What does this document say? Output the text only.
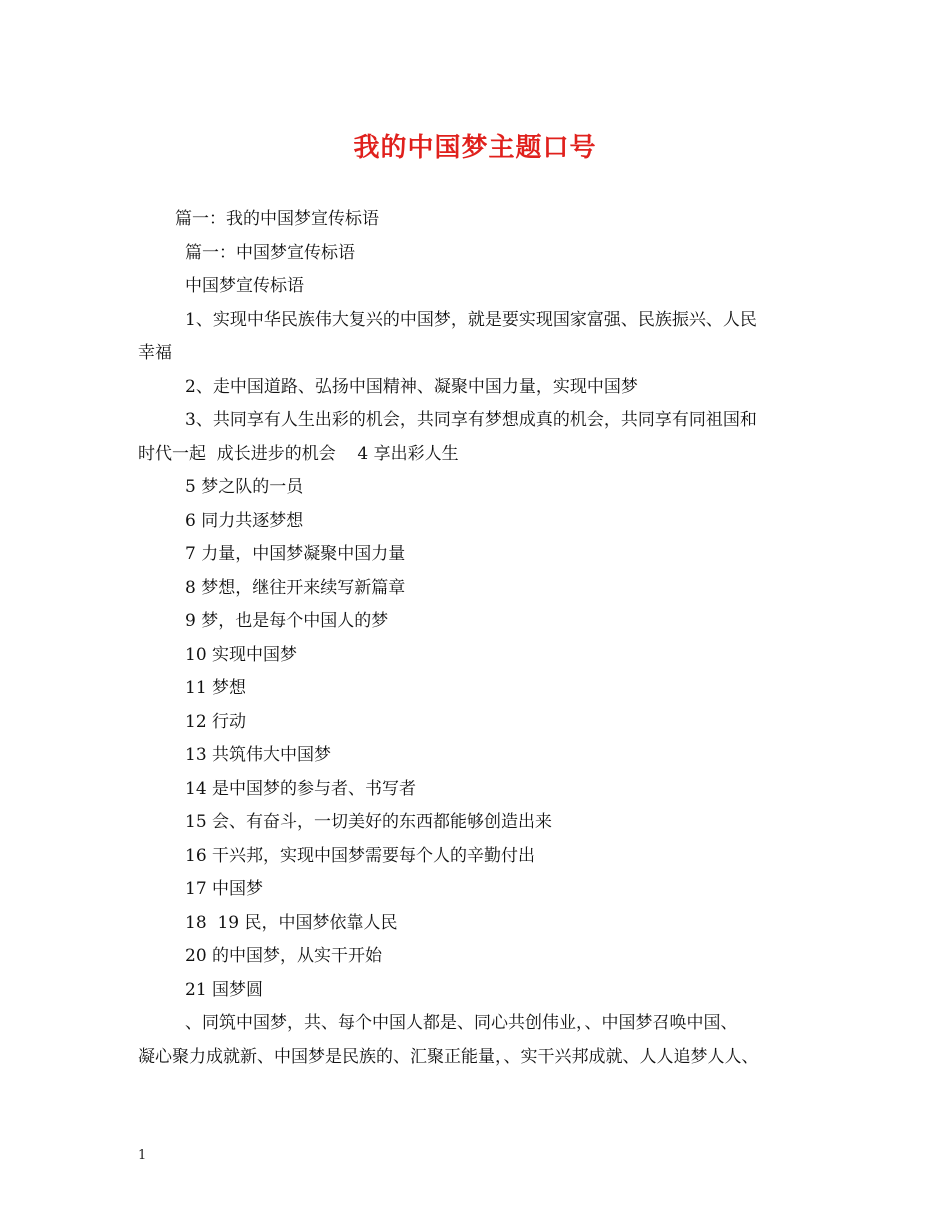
我的中国梦主题口号

篇一：我的中国梦宣传标语

篇一：中国梦宣传标语

中国梦宣传标语

1、实现中华民族伟大复兴的中国梦，就是要实现国家富强、民族振兴、人民

幸福

2、走中国道路、弘扬中国精神、凝聚中国力量，实现中国梦

3、共同享有人生出彩的机会，共同享有梦想成真的机会，共同享有同祖国和

时代一起  成长进步的机会    4 享出彩人生

5 梦之队的一员

6 同力共逐梦想

7 力量，中国梦凝聚中国力量

8 梦想，继往开来续写新篇章

9 梦，也是每个中国人的梦

10 实现中国梦

11 梦想

12 行动

13 共筑伟大中国梦

14 是中国梦的参与者、书写者

15 会、有奋斗，一切美好的东西都能够创造出来

16 干兴邦，实现中国梦需要每个人的辛勤付出

17 中国梦

18  19 民，中国梦依靠人民

20 的中国梦，从实干开始

21 国梦圆

、同筑中国梦，共、每个中国人都是、同心共创伟业，、中国梦召唤中国、

凝心聚力成就新、中国梦是民族的、汇聚正能量，、实干兴邦成就、人人追梦人人、

1
